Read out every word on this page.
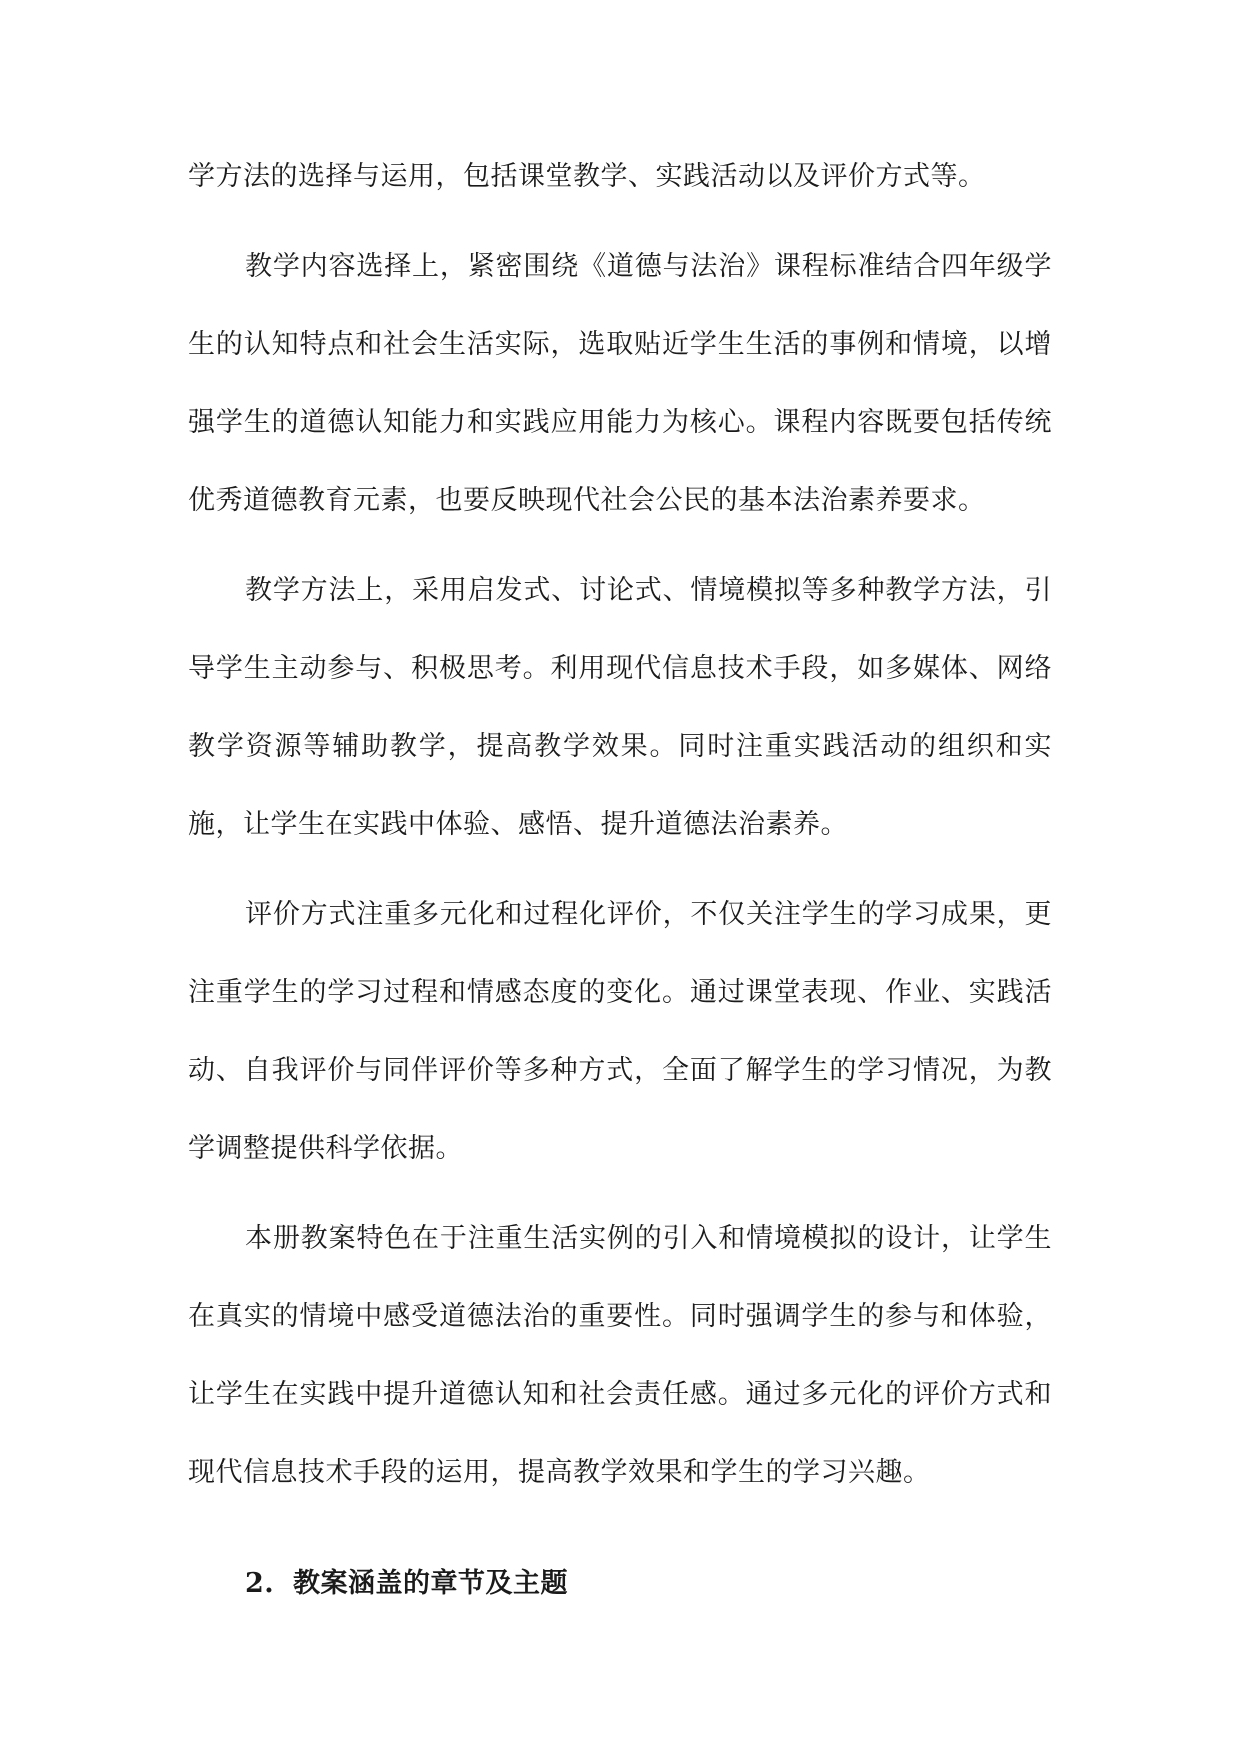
学方法的选择与运用，包括课堂教学、实践活动以及评价方式等。

教学内容选择上，紧密围绕《道德与法治》课程标准结合四年级学生的认知特点和社会生活实际，选取贴近学生生活的事例和情境，以增强学生的道德认知能力和实践应用能力为核心。课程内容既要包括传统优秀道德教育元素，也要反映现代社会公民的基本法治素养要求。

教学方法上，采用启发式、讨论式、情境模拟等多种教学方法，引导学生主动参与、积极思考。利用现代信息技术手段，如多媒体、网络教学资源等辅助教学，提高教学效果。同时注重实践活动的组织和实施，让学生在实践中体验、感悟、提升道德法治素养。

评价方式注重多元化和过程化评价，不仅关注学生的学习成果，更注重学生的学习过程和情感态度的变化。通过课堂表现、作业、实践活动、自我评价与同伴评价等多种方式，全面了解学生的学习情况，为教学调整提供科学依据。

本册教案特色在于注重生活实例的引入和情境模拟的设计，让学生在真实的情境中感受道德法治的重要性。同时强调学生的参与和体验，让学生在实践中提升道德认知和社会责任感。通过多元化的评价方式和现代信息技术手段的运用，提高教学效果和学生的学习兴趣。

2. 教案涵盖的章节及主题
